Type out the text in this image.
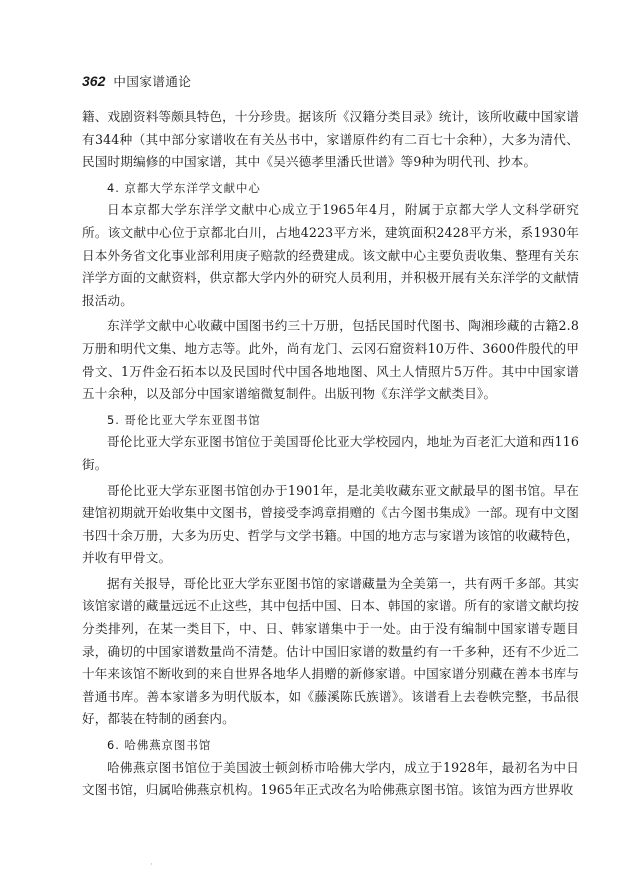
362 中国家谱通论

籍、戏剧资料等颇具特色，十分珍贵。据该所《汉籍分类目录》统计，该所收藏中国家谱有344种（其中部分家谱收在有关丛书中，家谱原件约有二百七十余种），大多为清代、民国时期编修的中国家谱，其中《吴兴德孝里潘氏世谱》等9种为明代刊、抄本。

4. 京都大学东洋学文献中心

日本京都大学东洋学文献中心成立于1965年4月，附属于京都大学人文科学研究所。该文献中心位于京都北白川，占地4223平方米，建筑面积2428平方米，系1930年日本外务省文化事业部利用庚子赔款的经费建成。该文献中心主要负责收集、整理有关东洋学方面的文献资料，供京都大学内外的研究人员利用，并积极开展有关东洋学的文献情报活动。

东洋学文献中心收藏中国图书约三十万册，包括民国时代图书、陶湘珍藏的古籍2.8万册和明代文集、地方志等。此外，尚有龙门、云冈石窟资料10万件、3600件殷代的甲骨文、1万件金石拓本以及民国时代中国各地地图、风土人情照片5万件。其中中国家谱五十余种，以及部分中国家谱缩微复制件。出版刊物《东洋学文献类目》。

5. 哥伦比亚大学东亚图书馆

哥伦比亚大学东亚图书馆位于美国哥伦比亚大学校园内，地址为百老汇大道和西116街。

哥伦比亚大学东亚图书馆创办于1901年，是北美收藏东亚文献最早的图书馆。早在建馆初期就开始收集中文图书，曾接受李鸿章捐赠的《古今图书集成》一部。现有中文图书四十余万册，大多为历史、哲学与文学书籍。中国的地方志与家谱为该馆的收藏特色，并收有甲骨文。

据有关报导，哥伦比亚大学东亚图书馆的家谱藏量为全美第一，共有两千多部。其实该馆家谱的藏量远远不止这些，其中包括中国、日本、韩国的家谱。所有的家谱文献均按分类排列，在某一类目下，中、日、韩家谱集中于一处。由于没有编制中国家谱专题目录，确切的中国家谱数量尚不清楚。估计中国旧家谱的数量约有一千多种，还有不少近二十年来该馆不断收到的来自世界各地华人捐赠的新修家谱。中国家谱分别藏在善本书库与普通书库。善本家谱多为明代版本，如《藤溪陈氏族谱》。该谱看上去卷帙完整，书品很好，都装在特制的函套内。

6. 哈佛燕京图书馆

哈佛燕京图书馆位于美国波士顿剑桥市哈佛大学内，成立于1928年，最初名为中日文图书馆，归属哈佛燕京机构。1965年正式改名为哈佛燕京图书馆。该馆为西方世界收

·
